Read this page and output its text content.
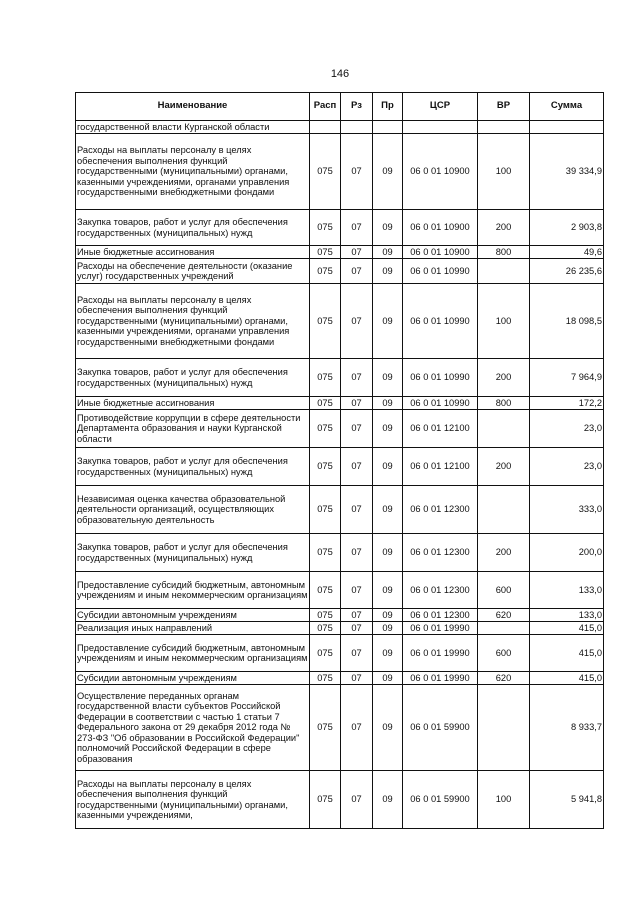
146
Наименование	Расп	Рз	Пр	ЦСР	ВР	Сумма
государственной власти Курганской области						
Расходы на выплаты персоналу в целях обеспечения выполнения функций государственными (муниципальными) органами, казенными учреждениями, органами управления государственными внебюджетными фондами	075	07	09	06 0 01 10900	100	39 334,9
Закупка товаров, работ и услуг для обеспечения государственных (муниципальных) нужд	075	07	09	06 0 01 10900	200	2 903,8
Иные бюджетные ассигнования	075	07	09	06 0 01 10900	800	49,6
Расходы на обеспечение деятельности (оказание услуг) государственных учреждений	075	07	09	06 0 01 10990		26 235,6
Расходы на выплаты персоналу в целях обеспечения выполнения функций государственными (муниципальными) органами, казенными учреждениями, органами управления государственными внебюджетными фондами	075	07	09	06 0 01 10990	100	18 098,5
Закупка товаров, работ и услуг для обеспечения государственных (муниципальных) нужд	075	07	09	06 0 01 10990	200	7 964,9
Иные бюджетные ассигнования	075	07	09	06 0 01 10990	800	172,2
Противодействие коррупции в сфере деятельности Департамента образования и науки Курганской области	075	07	09	06 0 01 12100		23,0
Закупка товаров, работ и услуг для обеспечения государственных (муниципальных) нужд	075	07	09	06 0 01 12100	200	23,0
Независимая оценка качества образовательной деятельности организаций, осуществляющих образовательную деятельность	075	07	09	06 0 01 12300		333,0
Закупка товаров, работ и услуг для обеспечения государственных (муниципальных) нужд	075	07	09	06 0 01 12300	200	200,0
Предоставление субсидий бюджетным, автономным учреждениям и иным некоммерческим организациям	075	07	09	06 0 01 12300	600	133,0
Субсидии автономным учреждениям	075	07	09	06 0 01 12300	620	133,0
Реализация иных направлений	075	07	09	06 0 01 19990		415,0
Предоставление субсидий бюджетным, автономным учреждениям и иным некоммерческим организациям	075	07	09	06 0 01 19990	600	415,0
Субсидии автономным учреждениям	075	07	09	06 0 01 19990	620	415,0
Осуществление переданных органам государственной власти субъектов Российской Федерации в соответствии с частью 1 статьи 7 Федерального закона от 29 декабря 2012 года № 273-ФЗ "Об образовании в Российской Федерации" полномочий Российской Федерации в сфере образования	075	07	09	06 0 01 59900		8 933,7
Расходы на выплаты персоналу в целях обеспечения выполнения функций государственными (муниципальными) органами, казенными учреждениями,	075	07	09	06 0 01 59900	100	5 941,8
